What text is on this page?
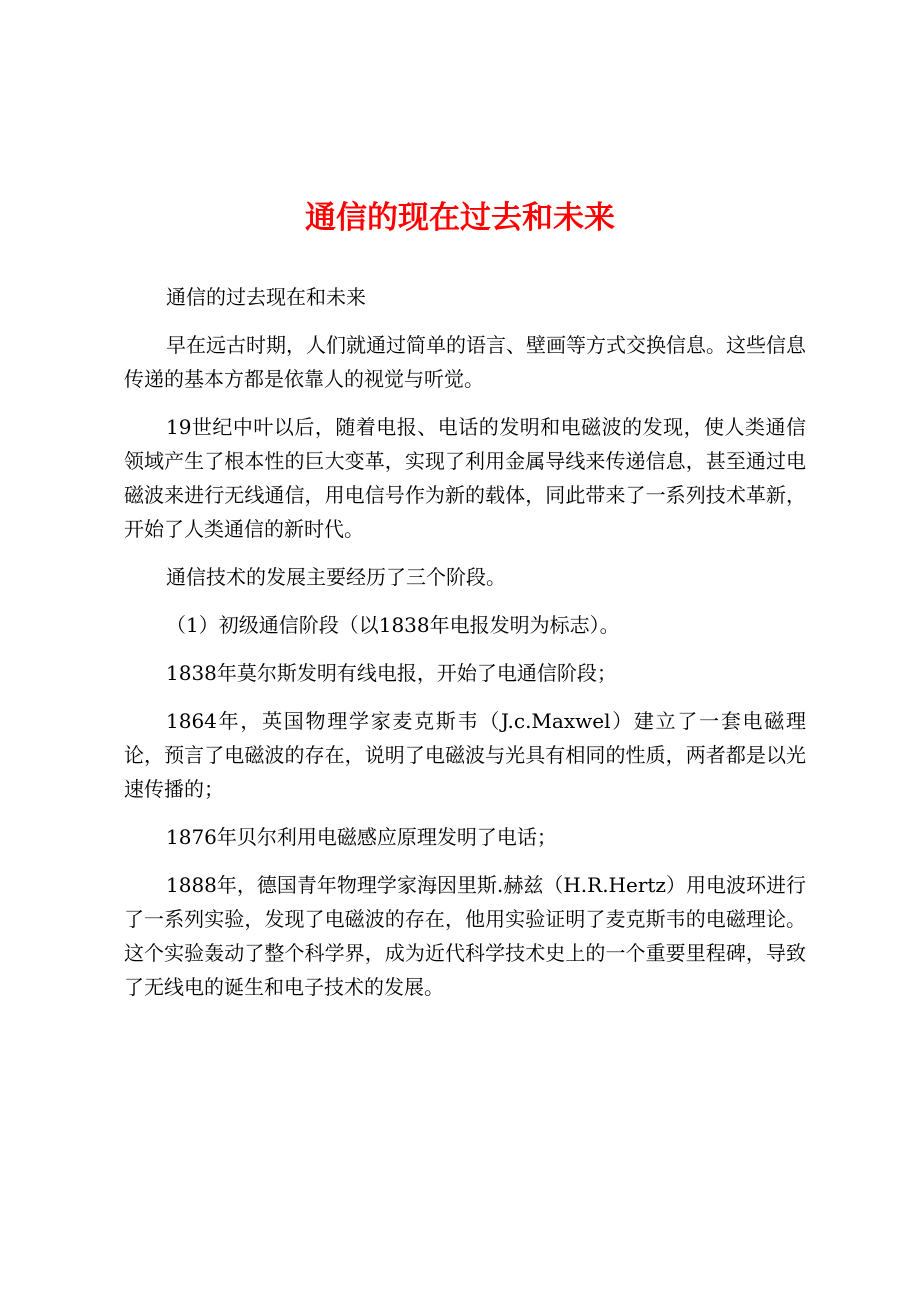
通信的现在过去和未来

通信的过去现在和未来

早在远古时期，人们就通过简单的语言、壁画等方式交换信息。这些信息传递的基本方都是依靠人的视觉与听觉。

19世纪中叶以后，随着电报、电话的发明和电磁波的发现，使人类通信领域产生了根本性的巨大变革，实现了利用金属导线来传递信息，甚至通过电磁波来进行无线通信，用电信号作为新的载体，同此带来了一系列技术革新，开始了人类通信的新时代。

通信技术的发展主要经历了三个阶段。

（1）初级通信阶段（以1838年电报发明为标志）。

1838年莫尔斯发明有线电报，开始了电通信阶段；

1864年，英国物理学家麦克斯韦（J.c.Maxwel）建立了一套电磁理论，预言了电磁波的存在，说明了电磁波与光具有相同的性质，两者都是以光速传播的；

1876年贝尔利用电磁感应原理发明了电话；

1888年，德国青年物理学家海因里斯.赫兹（H.R.Hertz）用电波环进行了一系列实验，发现了电磁波的存在，他用实验证明了麦克斯韦的电磁理论。这个实验轰动了整个科学界，成为近代科学技术史上的一个重要里程碑，导致了无线电的诞生和电子技术的发展。
